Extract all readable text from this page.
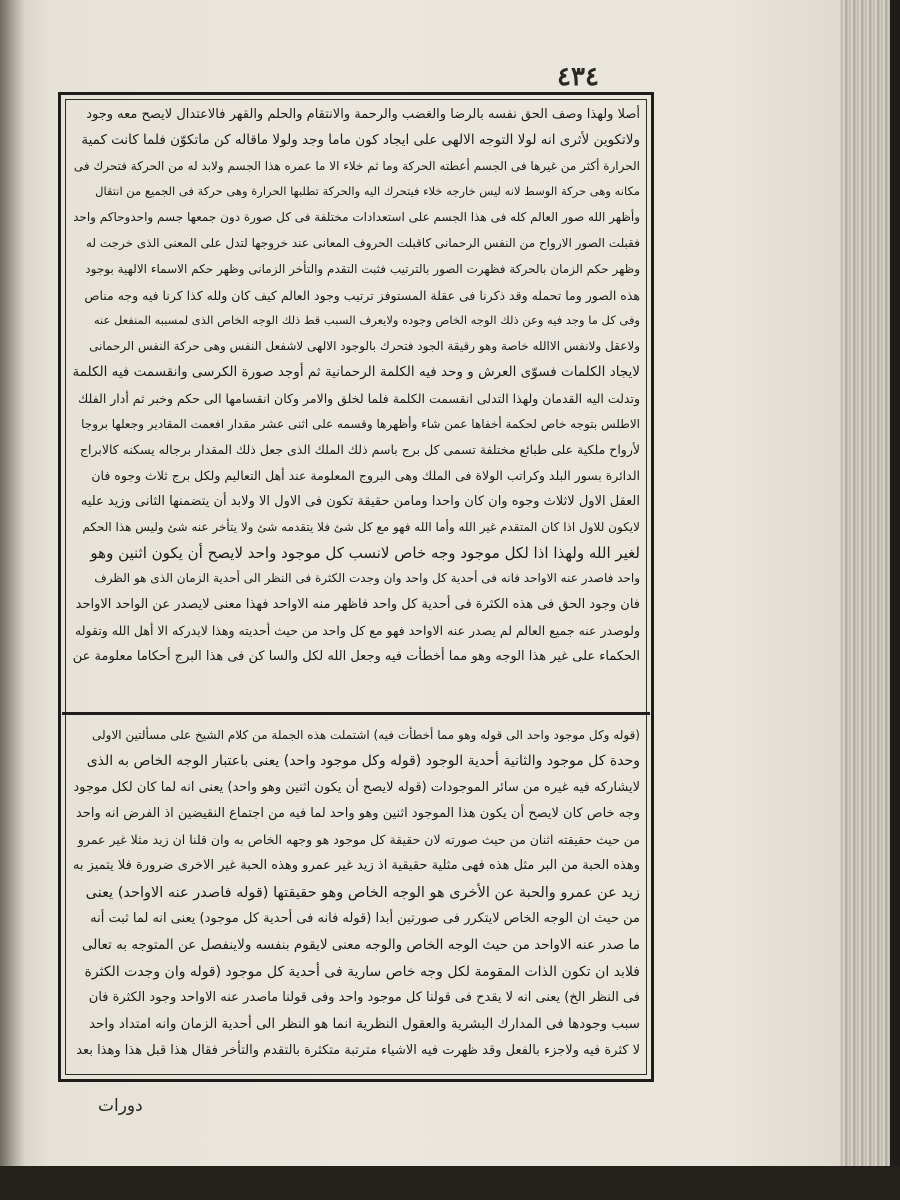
٤٣٤
أصلا ولهذا وصف الحق نفسه بالرضا والغضب والرحمة والانتقام والحلم والقهر فالاعتدال لايصح معه وجود
ولاتكوين لأثرى انه لولا التوجه الالهى على ايجاد كون ماما وجد ولولا ماقاله كن ماتكوّن فلما كانت كمية
الحرارة أكثر من غيرها فى الجسم أعطته الحركة وما ثم خلاء الا ما عمره هذا الجسم ولابد له من الحركة فتحرك فى
مكانه وهى حركة الوسط لانه ليس خارجه خلاء فيتحرك اليه والحركة تطلبها الحرارة وهى حركة فى الجميع من انتقال
وأظهر الله صور العالم كله فى هذا الجسم على استعدادات مختلفة فى كل صورة دون جمعها جسم واحدوحاكم واحد
فقبلت الصور الارواح من النفس الرحمانى كاقبلت الحروف المعانى عند خروجها لتدل على المعنى الذى خرجت له
وظهر حكم الزمان بالحركة فظهرت الصور بالترتيب فثبت التقدم والتأخر الزمانى وظهر حكم الاسماء الالهية بوجود
هذه الصور وما تحمله وقد ذكرنا فى عقلة المستوفز ترتيب وجود العالم كيف كان ولله كذا كرنا فيه وجه مناص
وفى كل ما وجد فيه وعن ذلك الوجه الخاص وجوده ولايعرف السبب قط ذلك الوجه الخاص الذى لمسببه المنفعل عنه
ولاعقل ولانفس الاالله خاصة وهو رقيقة الجود فتحرك بالوجود الالهى لاشفعل النفس وهى حركة النفس الرحمانى
لايجاد الكلمات فسوّى العرش و وحد فيه الكلمة الرحمانية ثم أوجد صورة الكرسى وانقسمت فيه الكلمة
وتدلت اليه القدمان ولهذا التدلى انقسمت الكلمة فلما لخلق والامر وكان انقسامها الى حكم وخبر ثم أدار الفلك
الاطلس بتوجه خاص لحكمة أخفاها عمن شاء وأظهرها وقسمه على اثنى عشر مقدار افعمت المقادير وجعلها بروجا
لأرواح ملكية على طبائع مختلفة تسمى كل برج باسم ذلك الملك الذى جعل ذلك المقدار برجاله يسكنه كالابراج
الدائرة بسور البلد وكراتب الولاة فى الملك وهى البروج المعلومة عند أهل التعاليم ولكل برج ثلاث وجوه فان
العقل الاول لاثلاث وجوه وان كان واحدا ومامن حقيقة تكون فى الاول الا ولابد أن يتضمنها الثانى وزيد عليه
لايكون للاول اذا كان المتقدم غير الله وأما الله فهو مع كل شئ فلا يتقدمه شئ ولا يتأخر عنه شئ وليس هذا الحكم
لغير الله ولهذا اذا لكل موجود وجه خاص لانسب كل موجود واحد لايصح أن يكون اثنين وهو
واحد فاصدر عنه الاواحد فانه فى أحدية كل واحد وان وجدت الكثرة فى النظر الى أحدية الزمان الذى هو الظرف
فان وجود الحق فى هذه الكثرة فى أحدية كل واحد فاظهر منه الاواحد فهذا معنى لايصدر عن الواحد الاواحد
ولوصدر عنه جميع العالم لم يصدر عنه الاواحد فهو مع كل واحد من حيث أحديته وهذا لايدركه الا أهل الله وتقوله
الحكماء على غير هذا الوجه وهو مما أخطأت فيه وجعل الله لكل والسا كن فى هذا البرج أحكاما معلومة عن
(قوله وكل موجود واحد الى قوله وهو مما أخطأت فيه) اشتملت هذه الجملة من كلام الشيخ على مسألتين الاولى
وحدة كل موجود والثانية أحدية الوجود (قوله وكل موجود واحد) يعنى باعتبار الوجه الخاص به الذى
لايشاركه فيه غيره من سائر الموجودات (قوله لايصح أن يكون اثنين وهو واحد) يعنى انه لما كان لكل موجود
وجه خاص كان لايصح أن يكون هذا الموجود اثنين وهو واحد لما فيه من اجتماع النقيضين اذ الفرض انه واحد
من حيث حقيقته اثنان من حيث صورته لان حقيقة كل موجود هو وجهه الخاص به وان قلنا ان زيد مثلا غير عمرو
وهذه الحبة من البر مثل هذه فهى مثلية حقيقية اذ زيد غير عمرو وهذه الحبة غير الاخرى ضرورة فلا يتميز به
زيد عن عمرو والحبة عن الأخرى هو الوجه الخاص وهو حقيقتها (قوله فاصدر عنه الاواحد) يعنى
من حيث ان الوجه الخاص لايتكرر فى صورتين أبدا (قوله فانه فى أحدية كل موجود) يعنى انه لما ثبت أنه
ما صدر عنه الاواحد من حيث الوجه الخاص والوجه معنى لايقوم بنفسه ولاينفصل عن المتوجه به تعالى
فلابد ان تكون الذات المقومة لكل وجه خاص سارية فى أحدية كل موجود (قوله وان وجدت الكثرة
فى النظر الخ) يعنى انه لا يقدح فى قولنا كل موجود واحد وفى قولنا ماصدر عنه الاواحد وجود الكثرة فان
سبب وجودها فى المدارك البشرية والعقول النظرية انما هو النظر الى أحدية الزمان وانه امتداد واحد
لا كثرة فيه ولاجزء بالفعل وقد ظهرت فيه الاشياء مترتبة متكثرة بالتقدم والتأخر فقال هذا قبل هذا وهذا بعد
دورات
